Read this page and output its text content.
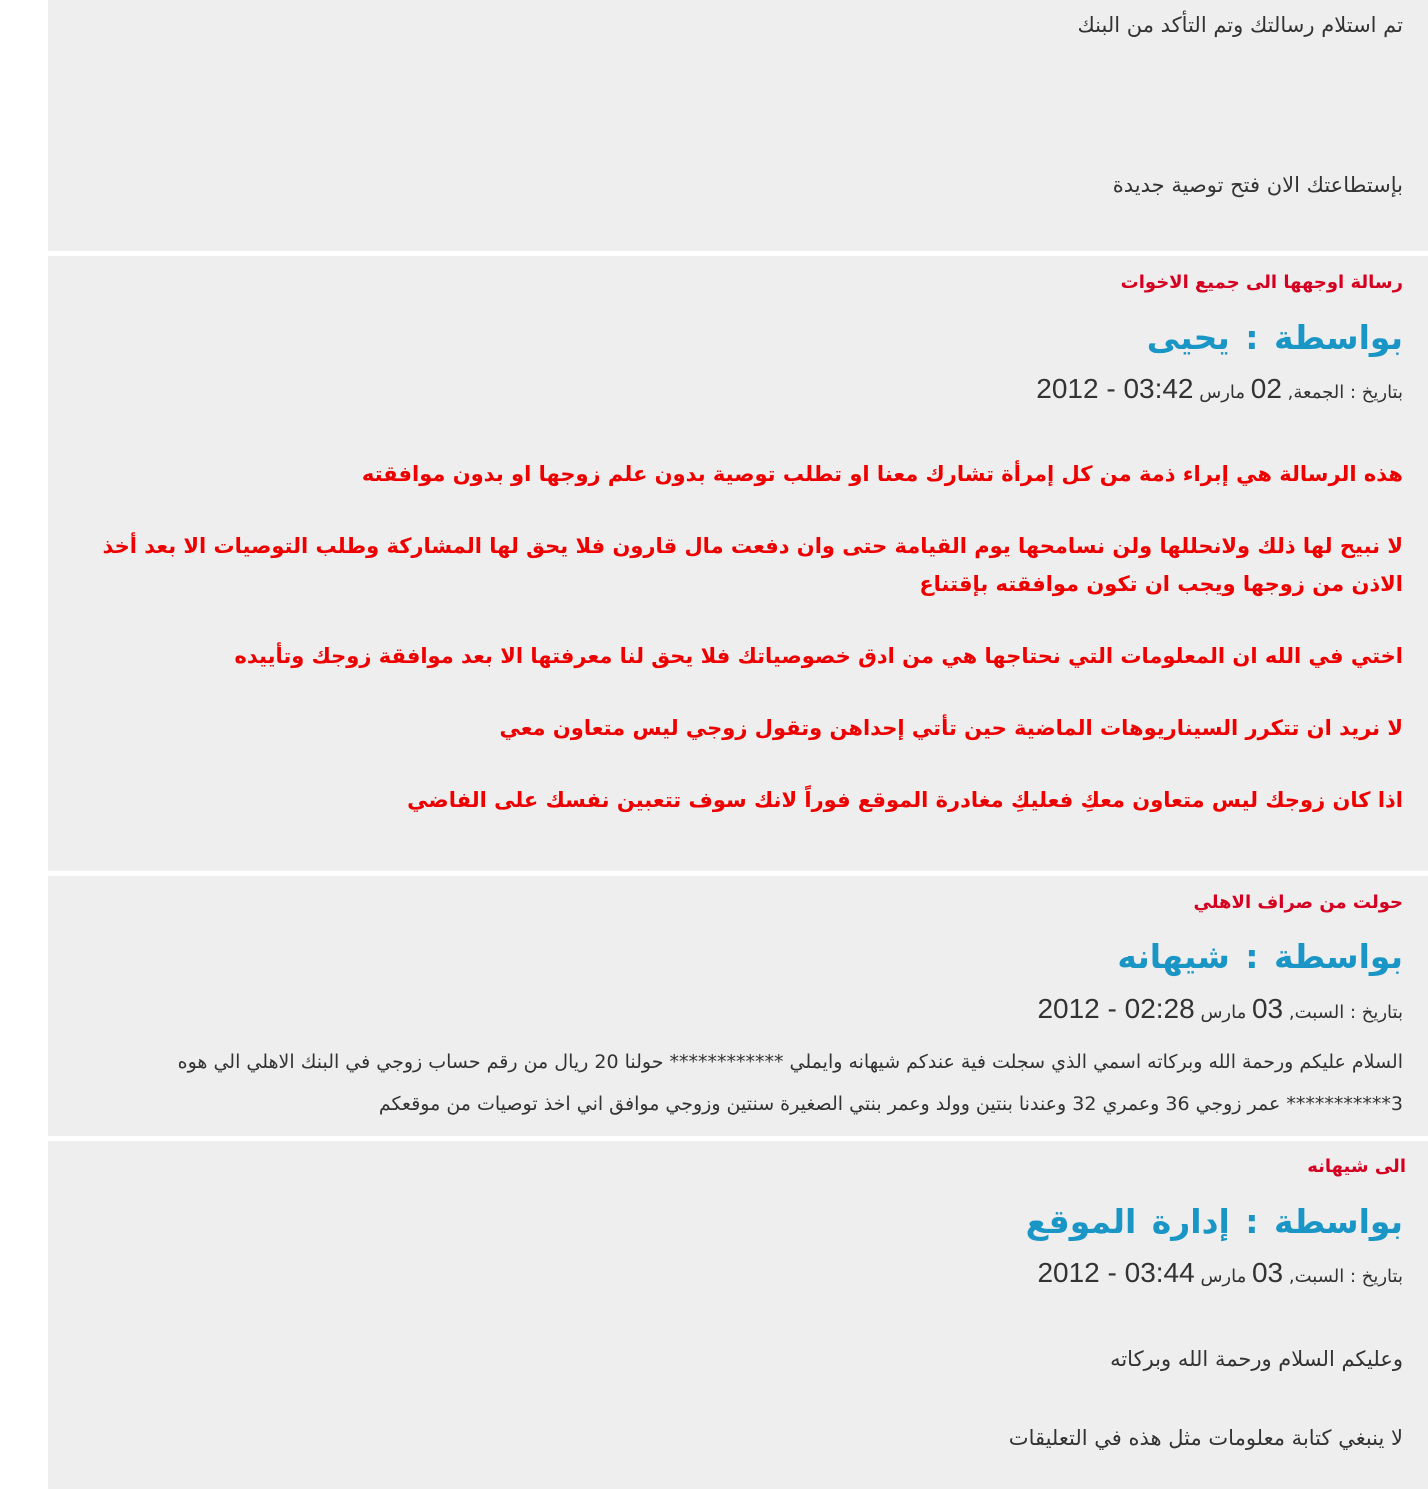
تم استلام رسالتك وتم التأكد من البنك

بإستطاعتك الان فتح توصية جديدة

رسالة اوجهها الى جميع الاخوات

بواسطة : يحيى

بتاريخ : الجمعة, 02 مارس 2012 - 03:42

هذه الرسالة هي إبراء ذمة من كل إمرأة تشارك معنا او تطلب توصية بدون علم زوجها او بدون موافقته

لا نبيح لها ذلك ولانحللها ولن نسامحها يوم القيامة حتى وان دفعت مال قارون فلا يحق لها المشاركة وطلب التوصيات الا بعد أخذ الاذن من زوجها ويجب ان تكون موافقته بإقتناع

اختي في الله ان المعلومات التي نحتاجها هي من ادق خصوصياتك فلا يحق لنا معرفتها الا بعد موافقة زوجك وتأييده

لا نريد ان تتكرر السيناريوهات الماضية حين تأتي إحداهن وتقول زوجي ليس متعاون معي

اذا كان زوجك ليس متعاون معكِ فعليكِ مغادرة الموقع فوراً لانك سوف تتعبين نفسك على الفاضي

حولت من صراف الاهلي

بواسطة : شيهانه

بتاريخ : السبت, 03 مارس 2012 - 02:28

السلام عليكم ورحمة الله وبركاته اسمي الذي سجلت فية عندكم شيهانه وايملي ************ حولنا 20 ريال من رقم حساب زوجي في البنك الاهلي الي هوه 3*********** عمر زوجي 36 وعمري 32 وعندنا بنتين وولد وعمر بنتي الصغيرة سنتين وزوجي موافق اني اخذ توصيات من موقعكم

الى شيهانه

بواسطة : إدارة الموقع

بتاريخ : السبت, 03 مارس 2012 - 03:44

وعليكم السلام ورحمة الله وبركاته

لا ينبغي كتابة معلومات مثل هذه في التعليقات
